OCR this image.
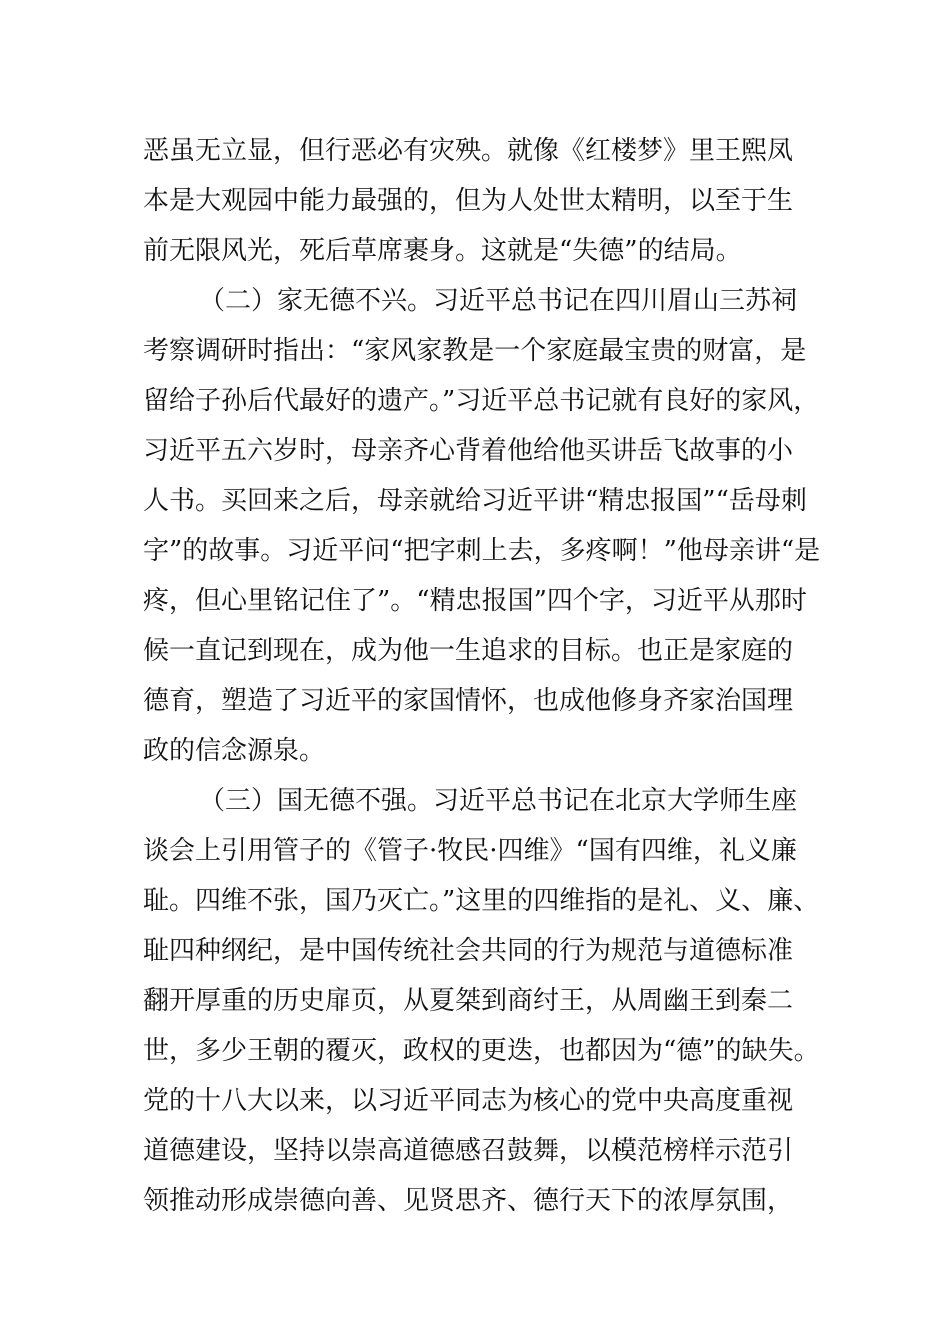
恶虽无立显，但行恶必有灾殃。就像《红楼梦》里王熙凤
本是大观园中能力最强的，但为人处世太精明，以至于生
前无限风光，死后草席裹身。这就是“失德”的结局。
（二）家无德不兴。习近平总书记在四川眉山三苏祠
考察调研时指出：“家风家教是一个家庭最宝贵的财富，是
留给子孙后代最好的遗产。”习近平总书记就有良好的家风，
习近平五六岁时，母亲齐心背着他给他买讲岳飞故事的小
人书。买回来之后，母亲就给习近平讲“精忠报国”“岳母刺
字”的故事。习近平问“把字刺上去，多疼啊！”他母亲讲“是
疼，但心里铭记住了”。“精忠报国”四个字，习近平从那时
候一直记到现在，成为他一生追求的目标。也正是家庭的
德育，塑造了习近平的家国情怀，也成他修身齐家治国理
政的信念源泉。
（三）国无德不强。习近平总书记在北京大学师生座
谈会上引用管子的《管子·牧民·四维》“国有四维，礼义廉
耻。四维不张，国乃灭亡。”这里的四维指的是礼、义、廉、
耻四种纲纪，是中国传统社会共同的行为规范与道德标准
翻开厚重的历史扉页，从夏桀到商纣王，从周幽王到秦二
世，多少王朝的覆灭，政权的更迭，也都因为“德”的缺失。
党的十八大以来，以习近平同志为核心的党中央高度重视
道德建设，坚持以崇高道德感召鼓舞，以模范榜样示范引
领推动形成崇德向善、见贤思齐、德行天下的浓厚氛围，
